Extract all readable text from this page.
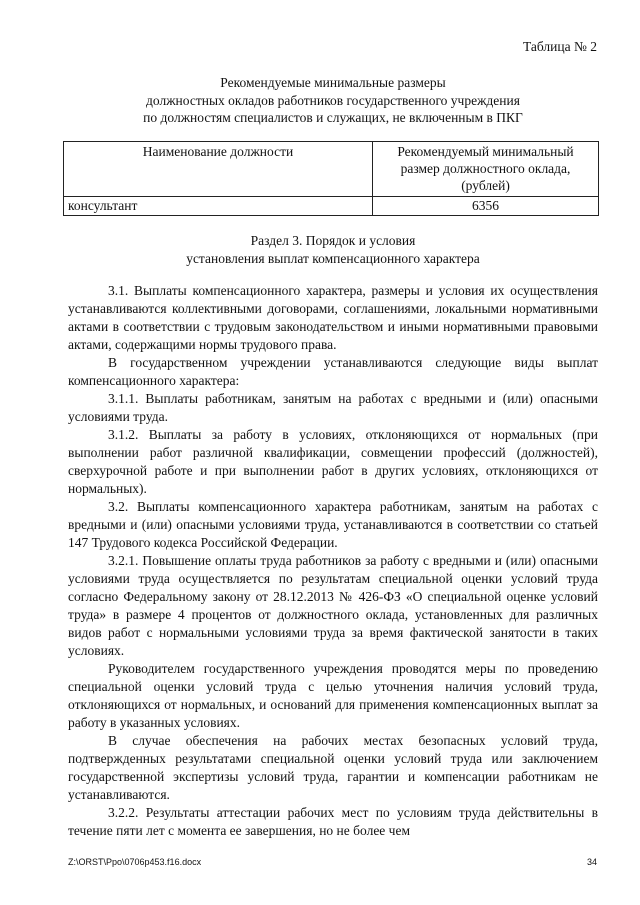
Таблица № 2
Рекомендуемые минимальные размеры
должностных окладов работников государственного учреждения
по должностям специалистов и служащих, не включенным в ПКГ
Наименование должности	Рекомендуемый минимальный размер должностного оклада, (рублей)
консультант	6356
Раздел 3. Порядок и условия
установления выплат компенсационного характера

3.1. Выплаты компенсационного характера, размеры и условия их осуществления устанавливаются коллективными договорами, соглашениями, локальными нормативными актами в соответствии с трудовым законодательством и иными нормативными правовыми актами, содержащими нормы трудового права.

В государственном учреждении устанавливаются следующие виды выплат компенсационного характера:

3.1.1. Выплаты работникам, занятым на работах с вредными и (или) опасными условиями труда.

3.1.2. Выплаты за работу в условиях, отклоняющихся от нормальных (при выполнении работ различной квалификации, совмещении профессий (должностей), сверхурочной работе и при выполнении работ в других условиях, отклоняющихся от нормальных).

3.2. Выплаты компенсационного характера работникам, занятым на работах с вредными и (или) опасными условиями труда, устанавливаются в соответствии со статьей 147 Трудового кодекса Российской Федерации.

3.2.1. Повышение оплаты труда работников за работу с вредными и (или) опасными условиями труда осуществляется по результатам специальной оценки условий труда согласно Федеральному закону от 28.12.2013 № 426-ФЗ «О специальной оценке условий труда» в размере 4 процентов от должностного оклада, установленных для различных видов работ с нормальными условиями труда за время фактической занятости в таких условиях.

Руководителем государственного учреждения проводятся меры по проведению специальной оценки условий труда с целью уточнения наличия условий труда, отклоняющихся от нормальных, и оснований для применения компенсационных выплат за работу в указанных условиях.

В случае обеспечения на рабочих местах безопасных условий труда, подтвержденных результатами специальной оценки условий труда или заключением государственной экспертизы условий труда, гарантии и компенсации работникам не устанавливаются.

3.2.2. Результаты аттестации рабочих мест по условиям труда действительны в течение пяти лет с момента ее завершения, но не более чем

Z:\ORST\Ppo\0706p453.f16.docx	34
